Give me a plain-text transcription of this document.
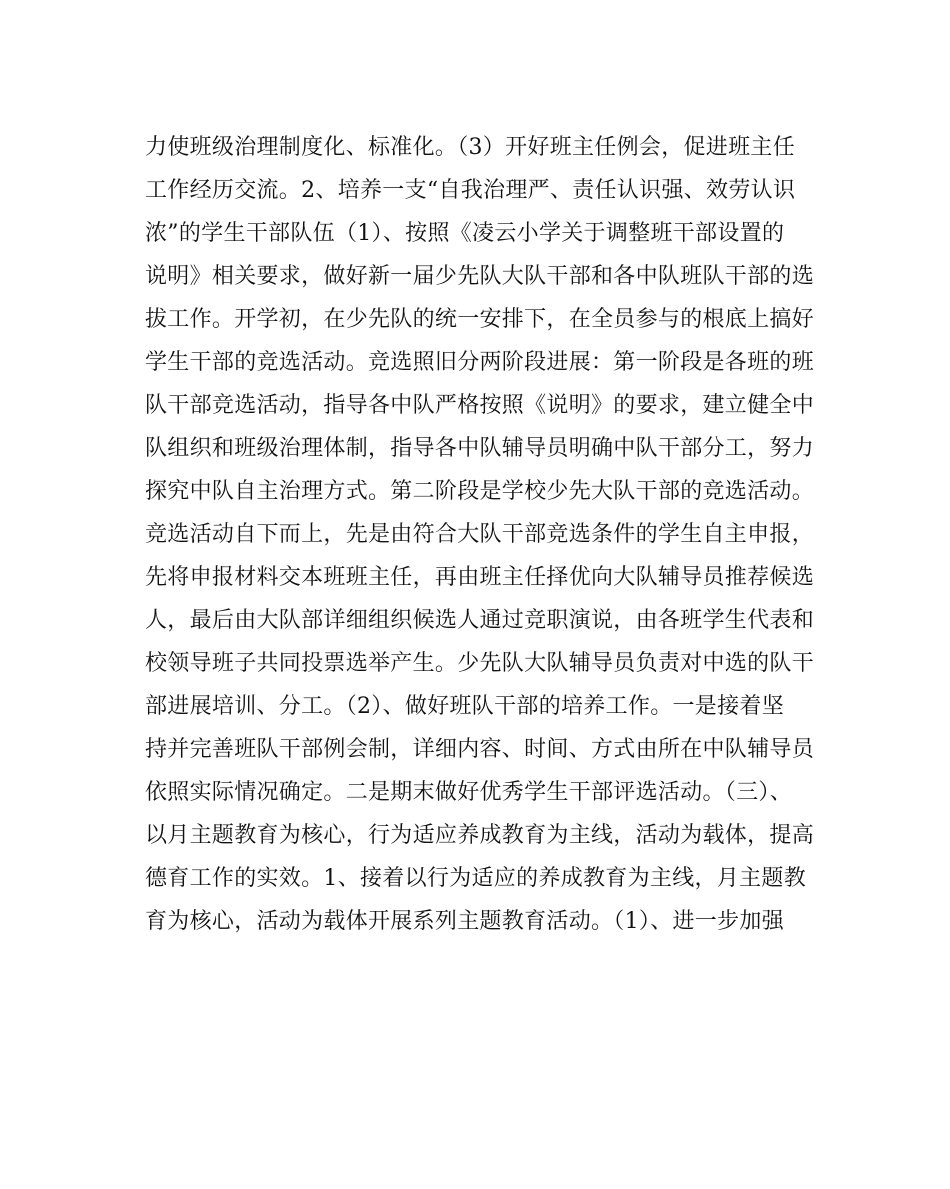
力使班级治理制度化、标准化。（3）开好班主任例会，促进班主任
工作经历交流。2、培养一支“自我治理严、责任认识强、效劳认识
浓”的学生干部队伍（1）、按照《凌云小学关于调整班干部设置的
说明》相关要求，做好新一届少先队大队干部和各中队班队干部的选
拔工作。开学初，在少先队的统一安排下，在全员参与的根底上搞好
学生干部的竞选活动。竞选照旧分两阶段进展：第一阶段是各班的班
队干部竞选活动，指导各中队严格按照《说明》的要求，建立健全中
队组织和班级治理体制，指导各中队辅导员明确中队干部分工，努力
探究中队自主治理方式。第二阶段是学校少先大队干部的竞选活动。
竞选活动自下而上，先是由符合大队干部竞选条件的学生自主申报，
先将申报材料交本班班主任，再由班主任择优向大队辅导员推荐候选
人，最后由大队部详细组织候选人通过竞职演说，由各班学生代表和
校领导班子共同投票选举产生。少先队大队辅导员负责对中选的队干
部进展培训、分工。（2）、做好班队干部的培养工作。一是接着坚
持并完善班队干部例会制，详细内容、时间、方式由所在中队辅导员
依照实际情况确定。二是期末做好优秀学生干部评选活动。（三）、
以月主题教育为核心，行为适应养成教育为主线，活动为载体，提高
德育工作的实效。1、接着以行为适应的养成教育为主线，月主题教
育为核心，活动为载体开展系列主题教育活动。（1）、进一步加强
